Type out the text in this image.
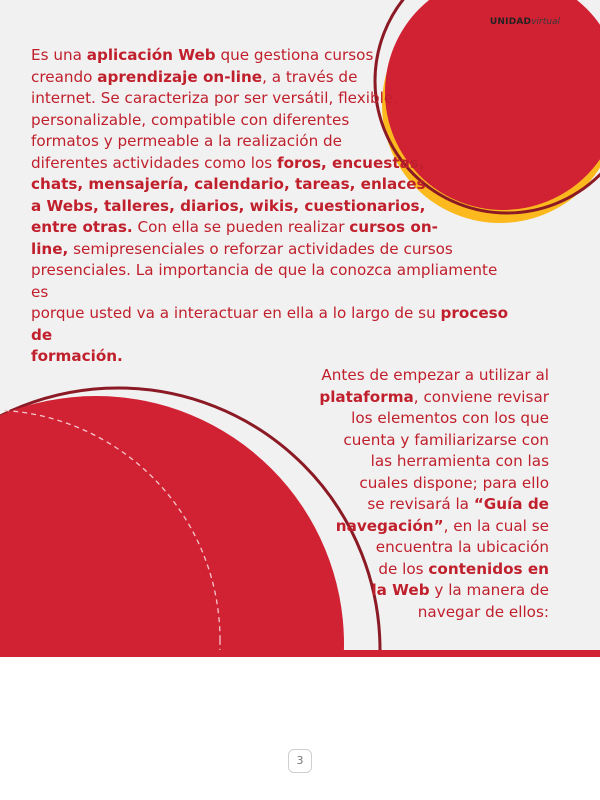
UNIDADvirtual
Es una aplicación Web que gestiona cursos
creando aprendizaje on-line, a través de
internet. Se caracteriza por ser versátil, flexible,
personalizable, compatible con diferentes
formatos y permeable a la realización de
diferentes actividades como los foros, encuestas,
chats, mensajería, calendario, tareas, enlaces
a Webs, talleres, diarios, wikis, cuestionarios,
entre otras. Con ella se pueden realizar cursos on-
line, semipresenciales o reforzar actividades de cursos
presenciales. La importancia de que la conozca ampliamente es
porque usted va a interactuar en ella a lo largo de su proceso de
formación.
Antes de empezar a utilizar al
plataforma, conviene revisar
los elementos con los que
cuenta y familiarizarse con
las herramienta con las
cuales dispone; para ello
se revisará la “Guía de
navegación”, en la cual se
encuentra la ubicación
de los contenidos en
la Web y la manera de
navegar de ellos:
3
